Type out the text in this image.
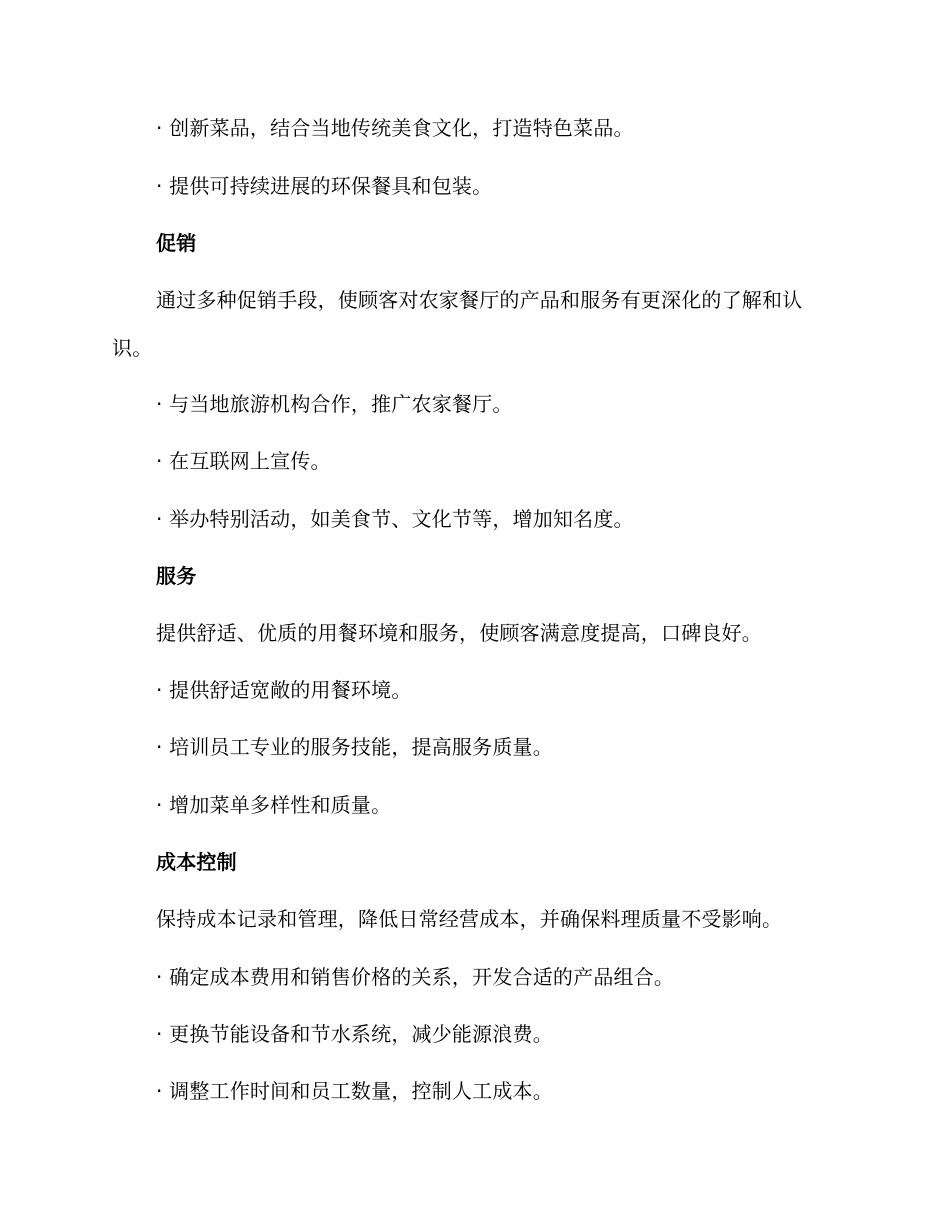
· 创新菜品，结合当地传统美食文化，打造特色菜品。
· 提供可持续进展的环保餐具和包装。
促销
通过多种促销手段，使顾客对农家餐厅的产品和服务有更深化的了解和认识。
· 与当地旅游机构合作，推广农家餐厅。
· 在互联网上宣传。
· 举办特别活动，如美食节、文化节等，增加知名度。
服务
提供舒适、优质的用餐环境和服务，使顾客满意度提高，口碑良好。
· 提供舒适宽敞的用餐环境。
· 培训员工专业的服务技能，提高服务质量。
· 增加菜单多样性和质量。
成本控制
保持成本记录和管理，降低日常经营成本，并确保料理质量不受影响。
· 确定成本费用和销售价格的关系，开发合适的产品组合。
· 更换节能设备和节水系统，减少能源浪费。
· 调整工作时间和员工数量，控制人工成本。
